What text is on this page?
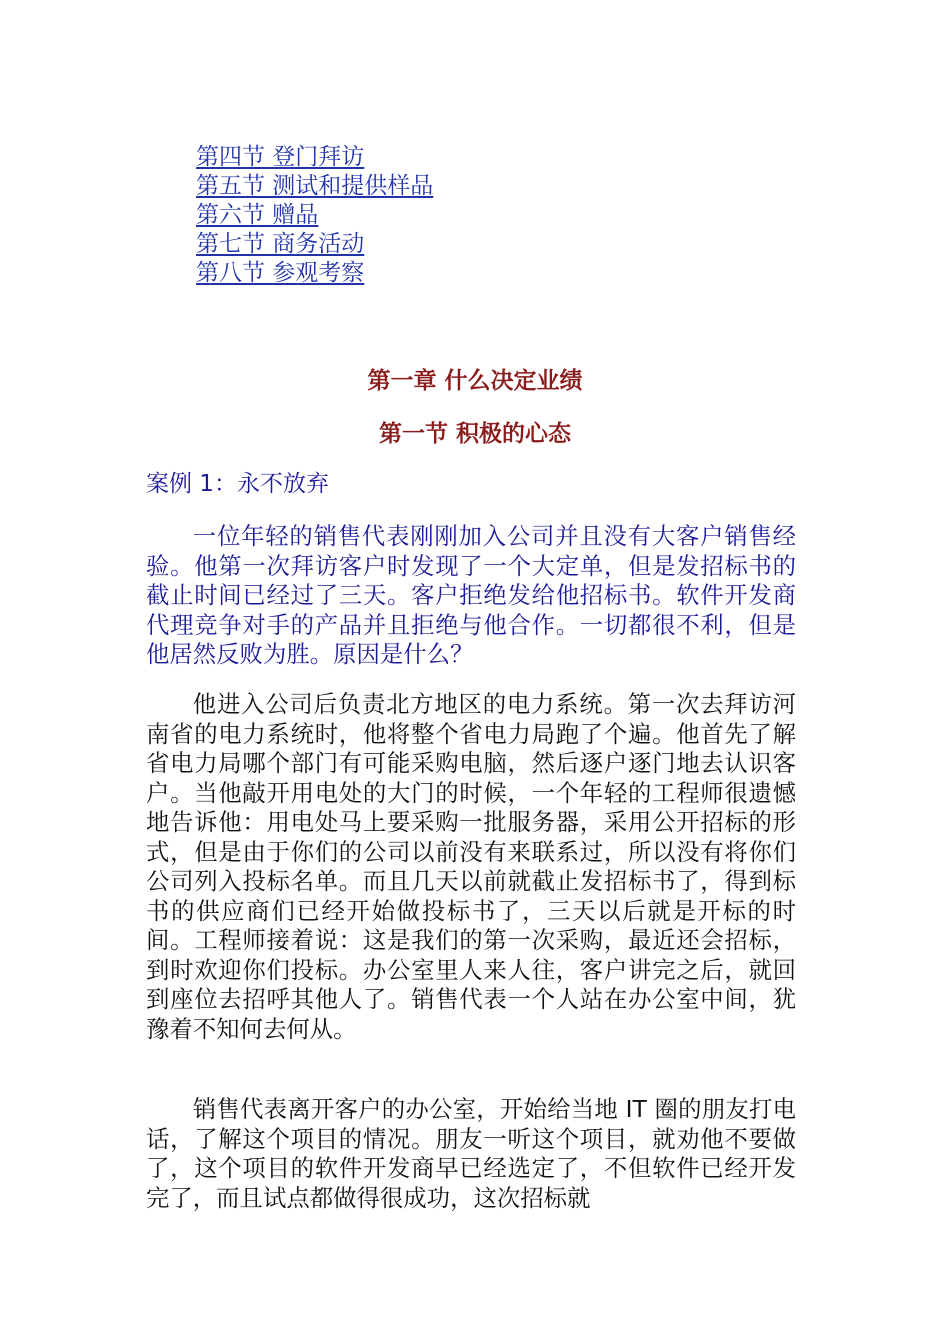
第四节 登门拜访
第五节 测试和提供样品
第六节 赠品
第七节 商务活动
第八节 参观考察
第一章 什么决定业绩
第一节 积极的心态

案例 1：永不放弃

一位年轻的销售代表刚刚加入公司并且没有大客户销售经验。他第一次拜访客户时发现了一个大定单，但是发招标书的截止时间已经过了三天。客户拒绝发给他招标书。软件开发商代理竞争对手的产品并且拒绝与他合作。一切都很不利，但是他居然反败为胜。原因是什么？

他进入公司后负责北方地区的电力系统。第一次去拜访河南省的电力系统时，他将整个省电力局跑了个遍。他首先了解省电力局哪个部门有可能采购电脑，然后逐户逐门地去认识客户。当他敲开用电处的大门的时候，一个年轻的工程师很遗憾地告诉他：用电处马上要采购一批服务器，采用公开招标的形式，但是由于你们的公司以前没有来联系过，所以没有将你们公司列入投标名单。而且几天以前就截止发招标书了，得到标书的供应商们已经开始做投标书了，三天以后就是开标的时间。工程师接着说：这是我们的第一次采购，最近还会招标，到时欢迎你们投标。办公室里人来人往，客户讲完之后，就回到座位去招呼其他人了。销售代表一个人站在办公室中间，犹豫着不知何去何从。

销售代表离开客户的办公室，开始给当地 IT 圈的朋友打电话，了解这个项目的情况。朋友一听这个项目，就劝他不要做了，这个项目的软件开发商早已经选定了，不但软件已经开发完了，而且试点都做得很成功，这次招标就
